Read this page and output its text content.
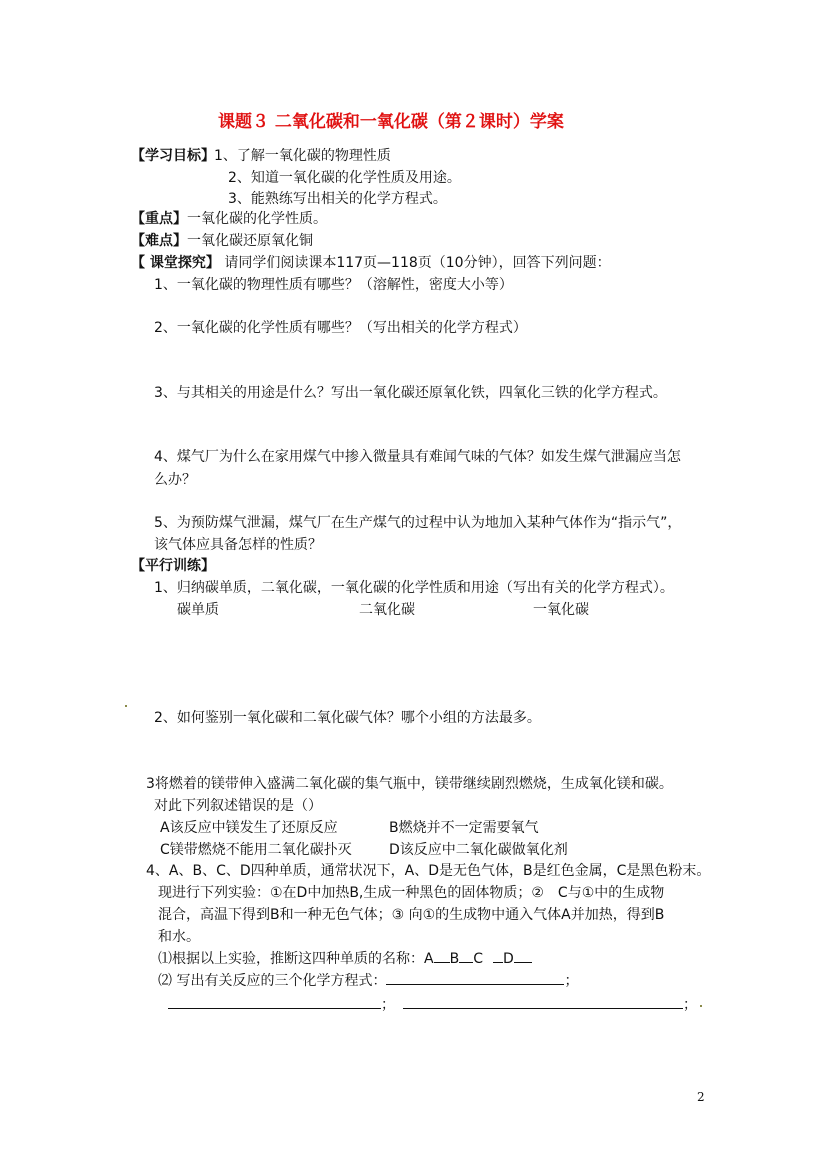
课题３ 二氧化碳和一氧化碳（第２课时）学案
【学习目标】 1、了解一氧化碳的物理性质
2、知道一氧化碳的化学性质及用途。
3、能熟练写出相关的化学方程式。
【重点】一氧化碳的化学性质。
【难点】一氧化碳还原氧化铜
【 课堂探究】 请同学们阅读课本117页—118页（10分钟），回答下列问题：
1、一氧化碳的物理性质有哪些？（溶解性，密度大小等）
2、一氧化碳的化学性质有哪些？（写出相关的化学方程式）
3、与其相关的用途是什么？写出一氧化碳还原氧化铁，四氧化三铁的化学方程式。
4、煤气厂为什么在家用煤气中掺入微量具有难闻气味的气体？如发生煤气泄漏应当怎
么办？
5、为预防煤气泄漏，煤气厂在生产煤气的过程中认为地加入某种气体作为“指示气”，
该气体应具备怎样的性质？
【平行训练】
1、归纳碳单质，二氧化碳，一氧化碳的化学性质和用途（写出有关的化学方程式）。
碳单质	二氧化碳	一氧化碳
2、如何鉴别一氧化碳和二氧化碳气体？哪个小组的方法最多。
3将燃着的镁带伸入盛满二氧化碳的集气瓶中，镁带继续剧烈燃烧，生成氧化镁和碳。
对此下列叙述错误的是（）
A该反应中镁发生了还原反应	B燃烧并不一定需要氧气
C镁带燃烧不能用二氧化碳扑灭	D该反应中二氧化碳做氧化剂
4、A、B、C、D四种单质，通常状况下，A、D是无色气体，B是红色金属，C是黑色粉末。
现进行下列实验：①在D中加热B,生成一种黑色的固体物质；②　C与①中的生成物
混合，高温下得到B和一种无色气体；③ 向①的生成物中通入气体A并加热，得到B
和水。
⑴根据以上实验，推断这四种单质的名称：A B C D
⑵ 写出有关反应的三个化学方程式：	；
；	；
2
